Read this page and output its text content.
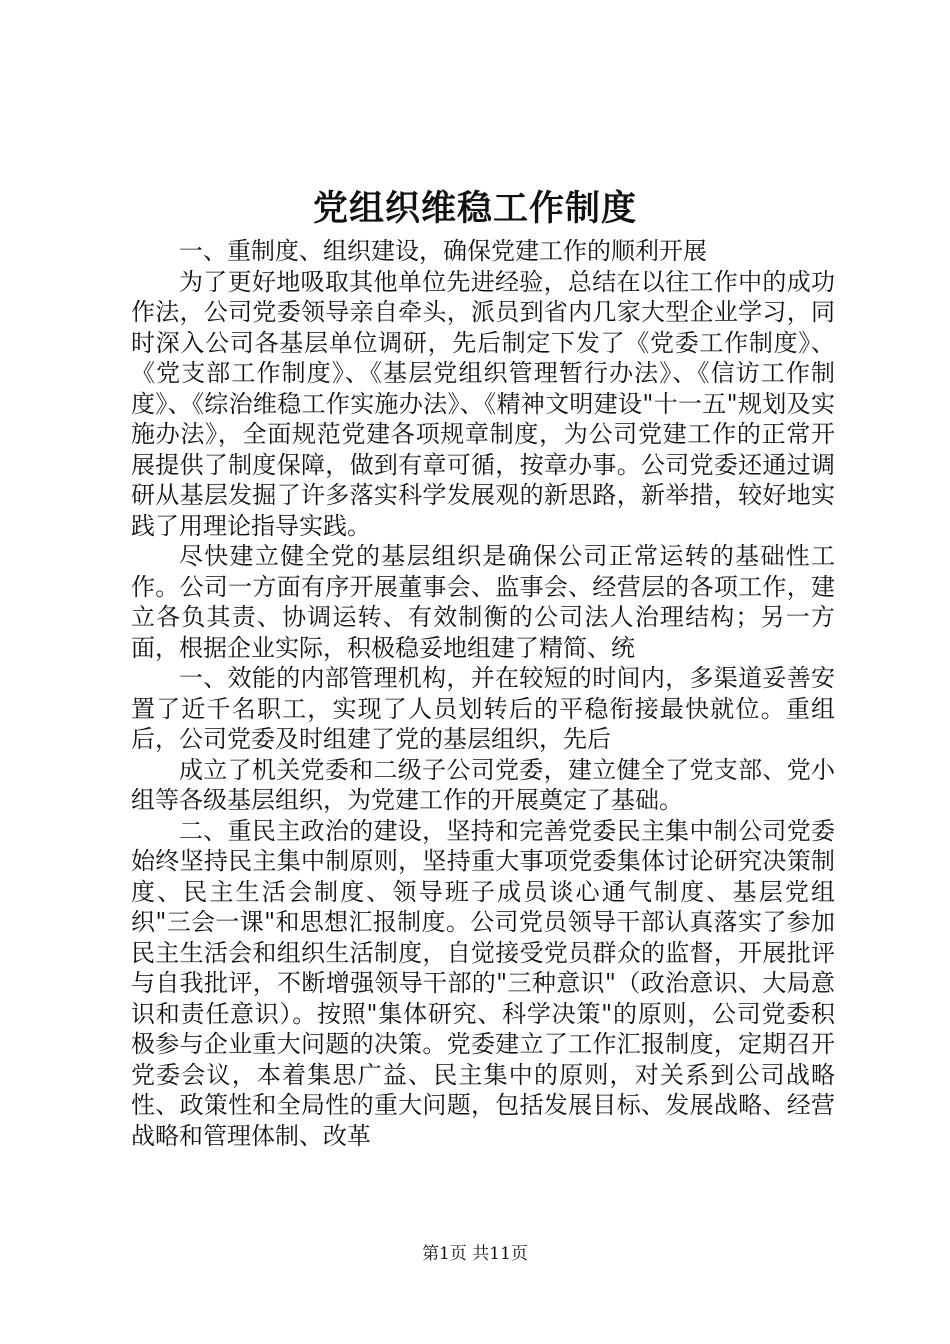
党组织维稳工作制度

一、重制度、组织建设，确保党建工作的顺利开展

为了更好地吸取其他单位先进经验，总结在以往工作中的成功作法，公司党委领导亲自牵头，派员到省内几家大型企业学习，同时深入公司各基层单位调研，先后制定下发了《党委工作制度》、《党支部工作制度》、《基层党组织管理暂行办法》、《信访工作制度》、《综治维稳工作实施办法》、《精神文明建设"十一五"规划及实施办法》，全面规范党建各项规章制度，为公司党建工作的正常开展提供了制度保障，做到有章可循，按章办事。公司党委还通过调研从基层发掘了许多落实科学发展观的新思路，新举措，较好地实践了用理论指导实践。

尽快建立健全党的基层组织是确保公司正常运转的基础性工作。公司一方面有序开展董事会、监事会、经营层的各项工作，建立各负其责、协调运转、有效制衡的公司法人治理结构；另一方面，根据企业实际，积极稳妥地组建了精简、统

一、效能的内部管理机构，并在较短的时间内，多渠道妥善安置了近千名职工，实现了人员划转后的平稳衔接最快就位。重组后，公司党委及时组建了党的基层组织，先后

成立了机关党委和二级子公司党委，建立健全了党支部、党小组等各级基层组织，为党建工作的开展奠定了基础。

二、重民主政治的建设，坚持和完善党委民主集中制公司党委始终坚持民主集中制原则，坚持重大事项党委集体讨论研究决策制度、民主生活会制度、领导班子成员谈心通气制度、基层党组织"三会一课"和思想汇报制度。公司党员领导干部认真落实了参加民主生活会和组织生活制度，自觉接受党员群众的监督，开展批评与自我批评，不断增强领导干部的"三种意识"（政治意识、大局意识和责任意识）。按照"集体研究、科学决策"的原则，公司党委积极参与企业重大问题的决策。党委建立了工作汇报制度，定期召开党委会议，本着集思广益、民主集中的原则，对关系到公司战略性、政策性和全局性的重大问题，包括发展目标、发展战略、经营战略和管理体制、改革

第1页 共11页
